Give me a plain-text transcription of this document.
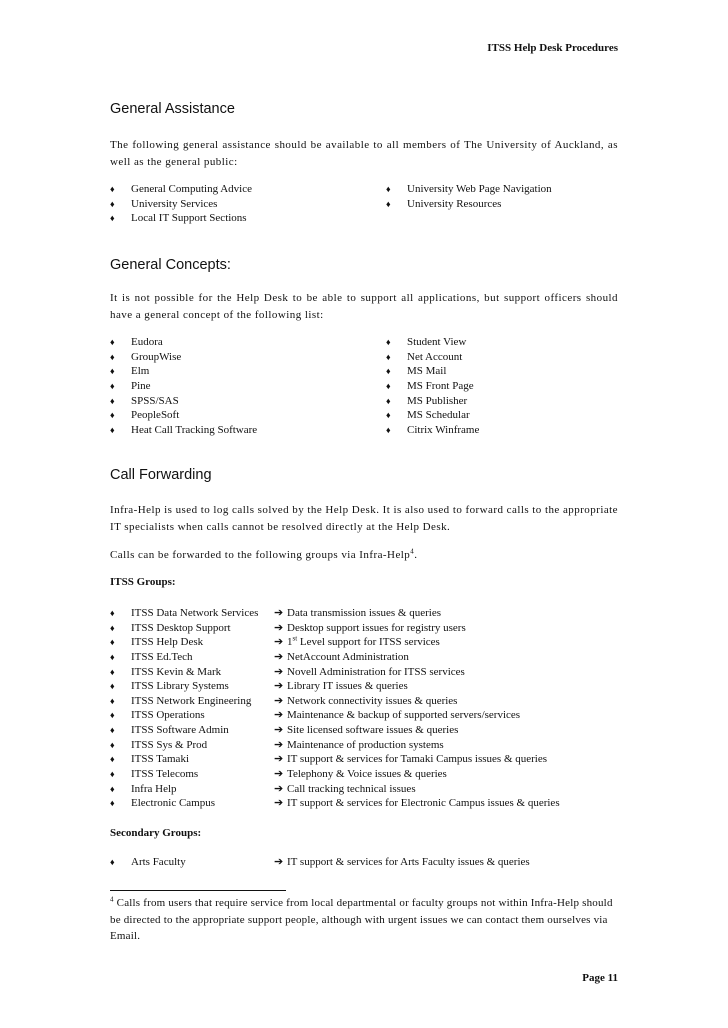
ITSS Help Desk Procedures
General Assistance
The following general assistance should be available to all members of The University of Auckland, as well as the general public:
♦	General Computing Advice	♦	University Web Page Navigation
♦	University Services	♦	University Resources
♦	Local IT Support Sections
General Concepts:
It is not possible for the Help Desk to be able to support all applications, but support officers should have a general concept of the following list:
♦	Eudora	♦	Student View
♦	GroupWise	♦	Net Account
♦	Elm	♦	MS Mail
♦	Pine	♦	MS Front Page
♦	SPSS/SAS	♦	MS Publisher
♦	PeopleSoft	♦	MS Schedular
♦	Heat Call Tracking Software	♦	Citrix Winframe
Call Forwarding
Infra-Help is used to log calls solved by the Help Desk. It is also used to forward calls to the appropriate IT specialists when calls cannot be resolved directly at the Help Desk.
Calls can be forwarded to the following groups via Infra-Help$^4$.
ITSS Groups:
♦	ITSS Data Network Services	➔ Data transmission issues & queries
♦	ITSS Desktop Support	➔ Desktop support issues for registry users
♦	ITSS Help Desk	➔ 1st Level support for ITSS services
♦	ITSS Ed.Tech	➔ NetAccount Administration
♦	ITSS Kevin & Mark	➔ Novell Administration for ITSS services
♦	ITSS Library Systems	➔ Library IT issues & queries
♦	ITSS Network Engineering	➔ Network connectivity issues & queries
♦	ITSS Operations	➔ Maintenance & backup of supported servers/services
♦	ITSS Software Admin	➔ Site licensed software issues & queries
♦	ITSS Sys & Prod	➔ Maintenance of production systems
♦	ITSS Tamaki	➔ IT support & services for Tamaki Campus issues & queries
♦	ITSS Telecoms	➔ Telephony & Voice issues & queries
♦	Infra Help	➔ Call tracking technical issues
♦	Electronic Campus	➔ IT support & services for Electronic Campus issues & queries
Secondary Groups:
♦	Arts Faculty	➔ IT support & services for Arts Faculty issues & queries
$^4$ Calls from users that require service from local departmental or faculty groups not within Infra-Help should be directed to the appropriate support people, although with urgent issues we can contact them ourselves via Email.
Page 11
